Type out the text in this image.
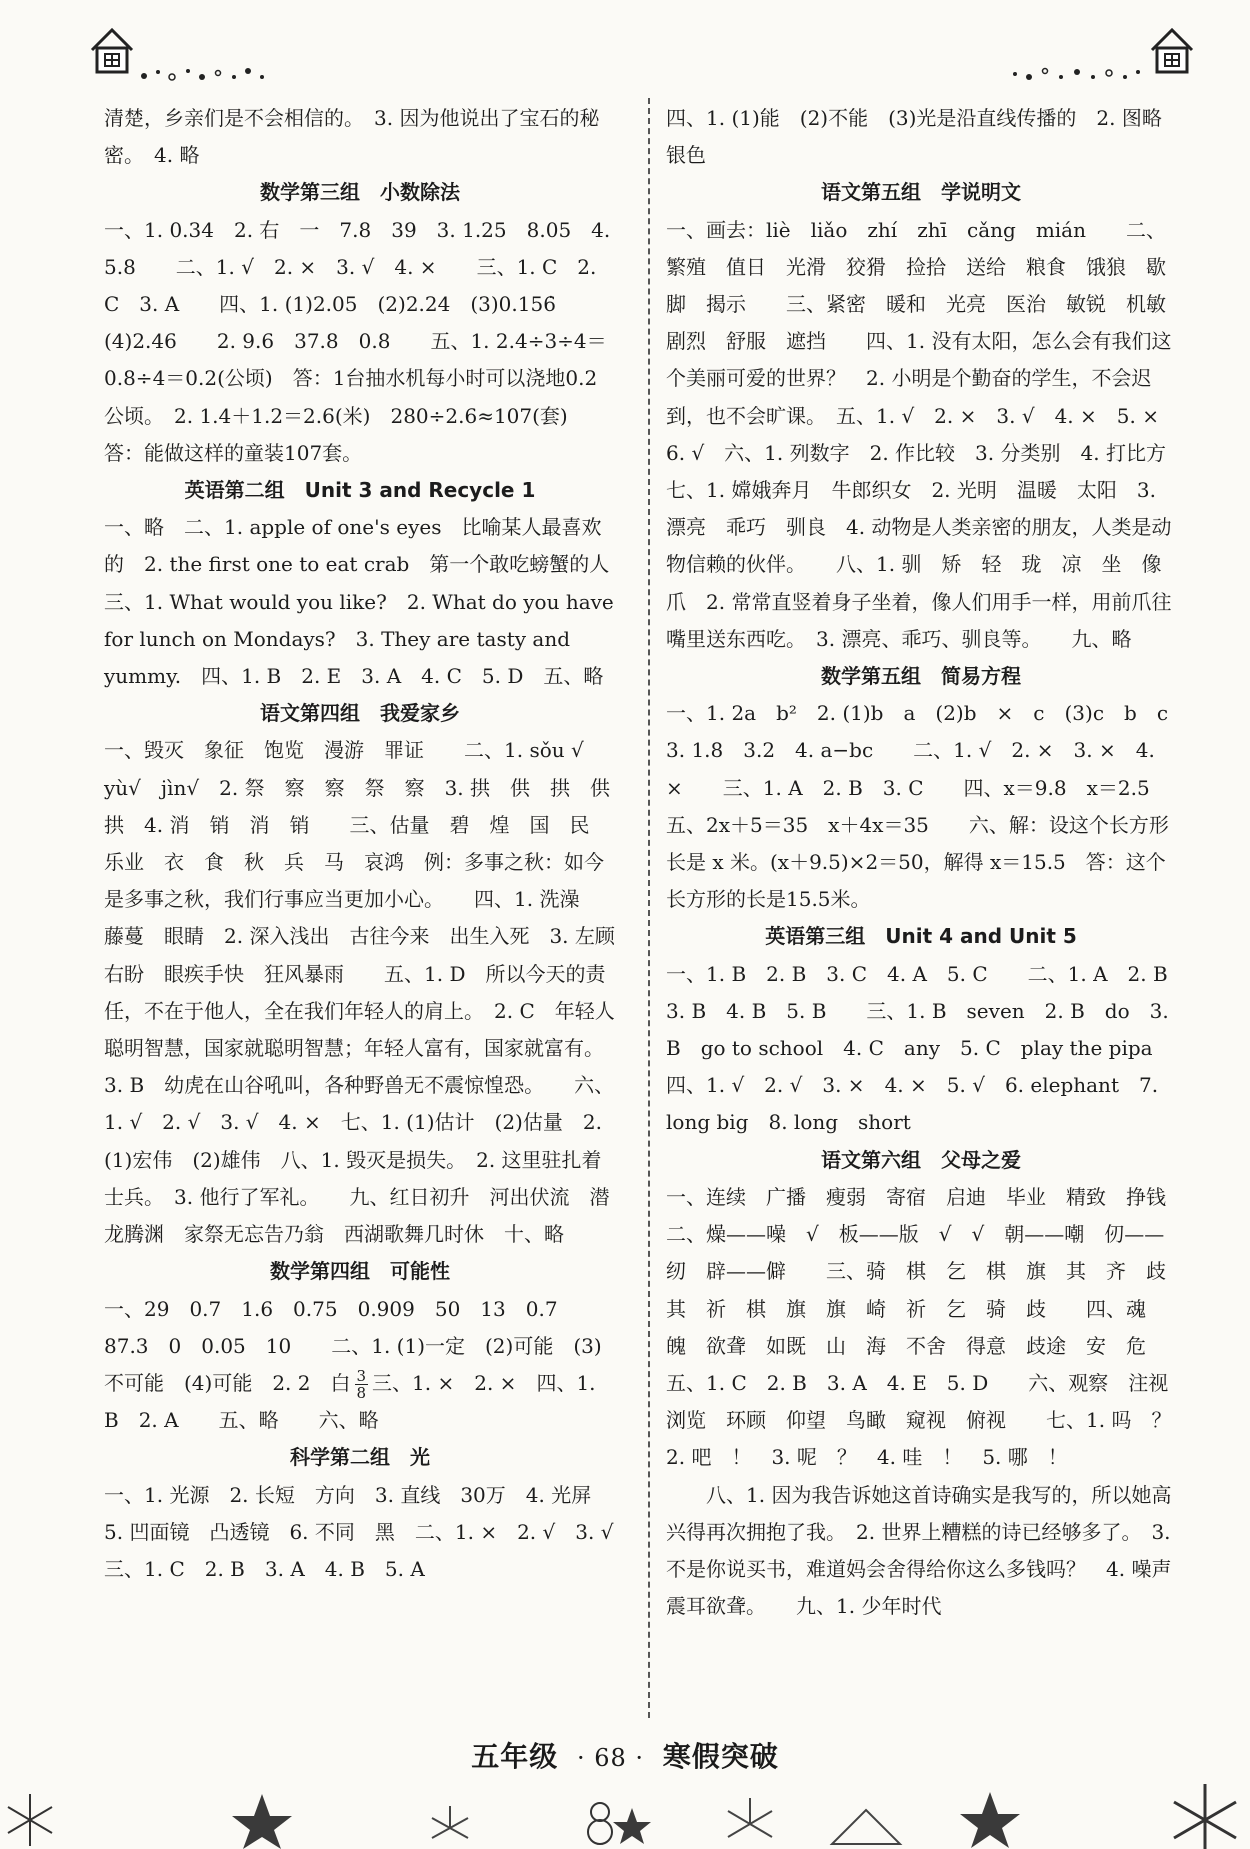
清楚，乡亲们是不会相信的。　3. 因为他说出了宝石的秘密。　4. 略

数学第三组　小数除法

一、1. 0.34　2. 右　一　7.8　39　3. 1.25　8.05　4. 5.8　　二、1. √　2. ×　3. √　4. ×　　三、1. C　2. C　3. A　　四、1. (1)2.05　(2)2.24　(3)0.156̇　(4)2.46　　2. 9.6　37.8　0.8　　五、1. 2.4÷3÷4＝0.8÷4＝0.2(公顷)　答：1台抽水机每小时可以浇地0.2公顷。　2. 1.4＋1.2＝2.6(米)　280÷2.6≈107(套)　答：能做这样的童装107套。

英语第二组　Unit 3 and Recycle 1

一、略　二、1. apple of one's eyes　比喻某人最喜欢的　2. the first one to eat crab　第一个敢吃螃蟹的人　三、1. What would you like?　2. What do you have for lunch on Mondays?　3. They are tasty and yummy.　四、1. B　2. E　3. A　4. C　5. D　五、略

语文第四组　我爱家乡

一、毁灭　象征　饱览　漫游　罪证　　二、1. sǒu √　yù√　jìn√　2. 祭　察　察　祭　察　3. 拱　供　拱　供　拱　4. 消　销　消　销　　三、估量　碧　煌　国　民　乐业　衣　食　秋　兵　马　哀鸿　例：多事之秋：如今是多事之秋，我们行事应当更加小心。　　四、1. 洗澡　藤蔓　眼睛　2. 深入浅出　古往今来　出生入死　3. 左顾右盼　眼疾手快　狂风暴雨　　五、1. D　所以今天的责任，不在于他人，全在我们年轻人的肩上。　2. C　年轻人聪明智慧，国家就聪明智慧；年轻人富有，国家就富有。　3. B　幼虎在山谷吼叫，各种野兽无不震惊惶恐。　　六、1. √　2. √　3. √　4. ×　七、1. (1)估计　(2)估量　2. (1)宏伟　(2)雄伟　八、1. 毁灭是损失。　2. 这里驻扎着士兵。　3. 他行了军礼。　　九、红日初升　河出伏流　潜龙腾渊　家祭无忘告乃翁　西湖歌舞几时休　十、略

数学第四组　可能性

一、29　0.7　1.6　0.75　0.909　50　13　0.7　87.3　0　0.05　10　　二、1. (1)一定　(2)可能　(3)不可能　(4)可能　2. 2　白 $\frac{3}{8}$ 三、1. ×　2. ×　四、1. B　2. A　　五、略　　六、略

科学第二组　光

一、1. 光源　2. 长短　方向　3. 直线　30万　4. 光屏　5. 凹面镜　凸透镜　6. 不同　黑　二、1. ×　2. √　3. √　　三、1. C　2. B　3. A　4. B　5. A

四、1. (1)能　(2)不能　(3)光是沿直线传播的　2. 图略　银色

语文第五组　学说明文

一、画去：liè　liǎo　zhí　zhī　cǎng　mián　　二、繁殖　值日　光滑　狡猾　捡拾　送给　粮食　饿狼　歇脚　揭示　　三、紧密　暖和　光亮　医治　敏锐　机敏　剧烈　舒服　遮挡　　四、1. 没有太阳，怎么会有我们这个美丽可爱的世界？　2. 小明是个勤奋的学生，不会迟到，也不会旷课。　五、1. √　2. ×　3. √　4. ×　5. ×　6. √　六、1. 列数字　2. 作比较　3. 分类别　4. 打比方　七、1. 嫦娥奔月　牛郎织女　2. 光明　温暖　太阳　3. 漂亮　乖巧　驯良　4. 动物是人类亲密的朋友，人类是动物信赖的伙伴。　　八、1. 驯　矫　轻　珑　凉　坐　像　爪　2. 常常直竖着身子坐着，像人们用手一样，用前爪往嘴里送东西吃。　3. 漂亮、乖巧、驯良等。　　九、略

数学第五组　简易方程

一、1. 2a　b²　2. (1)b　a　(2)b　×　c　(3)c　b　c　3. 1.8　3.2　4. a−bc　　二、1. √　2. ×　3. ×　4. ×　　三、1. A　2. B　3. C　　四、x＝9.8　x＝2.5　　五、2x＋5＝35　x＋4x＝35　　六、解：设这个长方形长是 x 米。(x＋9.5)×2＝50，解得 x＝15.5　答：这个长方形的长是15.5米。

英语第三组　Unit 4 and Unit 5

一、1. B　2. B　3. C　4. A　5. C　　二、1. A　2. B　3. B　4. B　5. B　　三、1. B　seven　2. B　do　3. B　go to school　4. C　any　5. C　play the pipa　四、1. √　2. √　3. ×　4. ×　5. √　6. elephant　7. long big　8. long　short

语文第六组　父母之爱

一、连续　广播　瘦弱　寄宿　启迪　毕业　精致　挣钱　　二、燥——噪　√　板——版　√　√　朝——嘲　仞——纫　辟——僻　　三、骑　棋　乞　棋　旗　其　齐　歧　其　祈　棋　旗　旗　崎　祈　乞　骑　歧　　四、魂　魄　欲聋　如既　山　海　不舍　得意　歧途　安　危　　五、1. C　2. B　3. A　4. E　5. D　　六、观察　注视　浏览　环顾　仰望　鸟瞰　窥视　俯视　　七、1. 吗　？　2. 吧　！　3. 呢　？　4. 哇　！　5. 哪　！

八、1. 因为我告诉她这首诗确实是我写的，所以她高兴得再次拥抱了我。　2. 世界上糟糕的诗已经够多了。　3. 不是你说买书，难道妈会舍得给你这么多钱吗？　4. 噪声震耳欲聋。　　九、1. 少年时代

五年级 · 68 · 寒假突破
